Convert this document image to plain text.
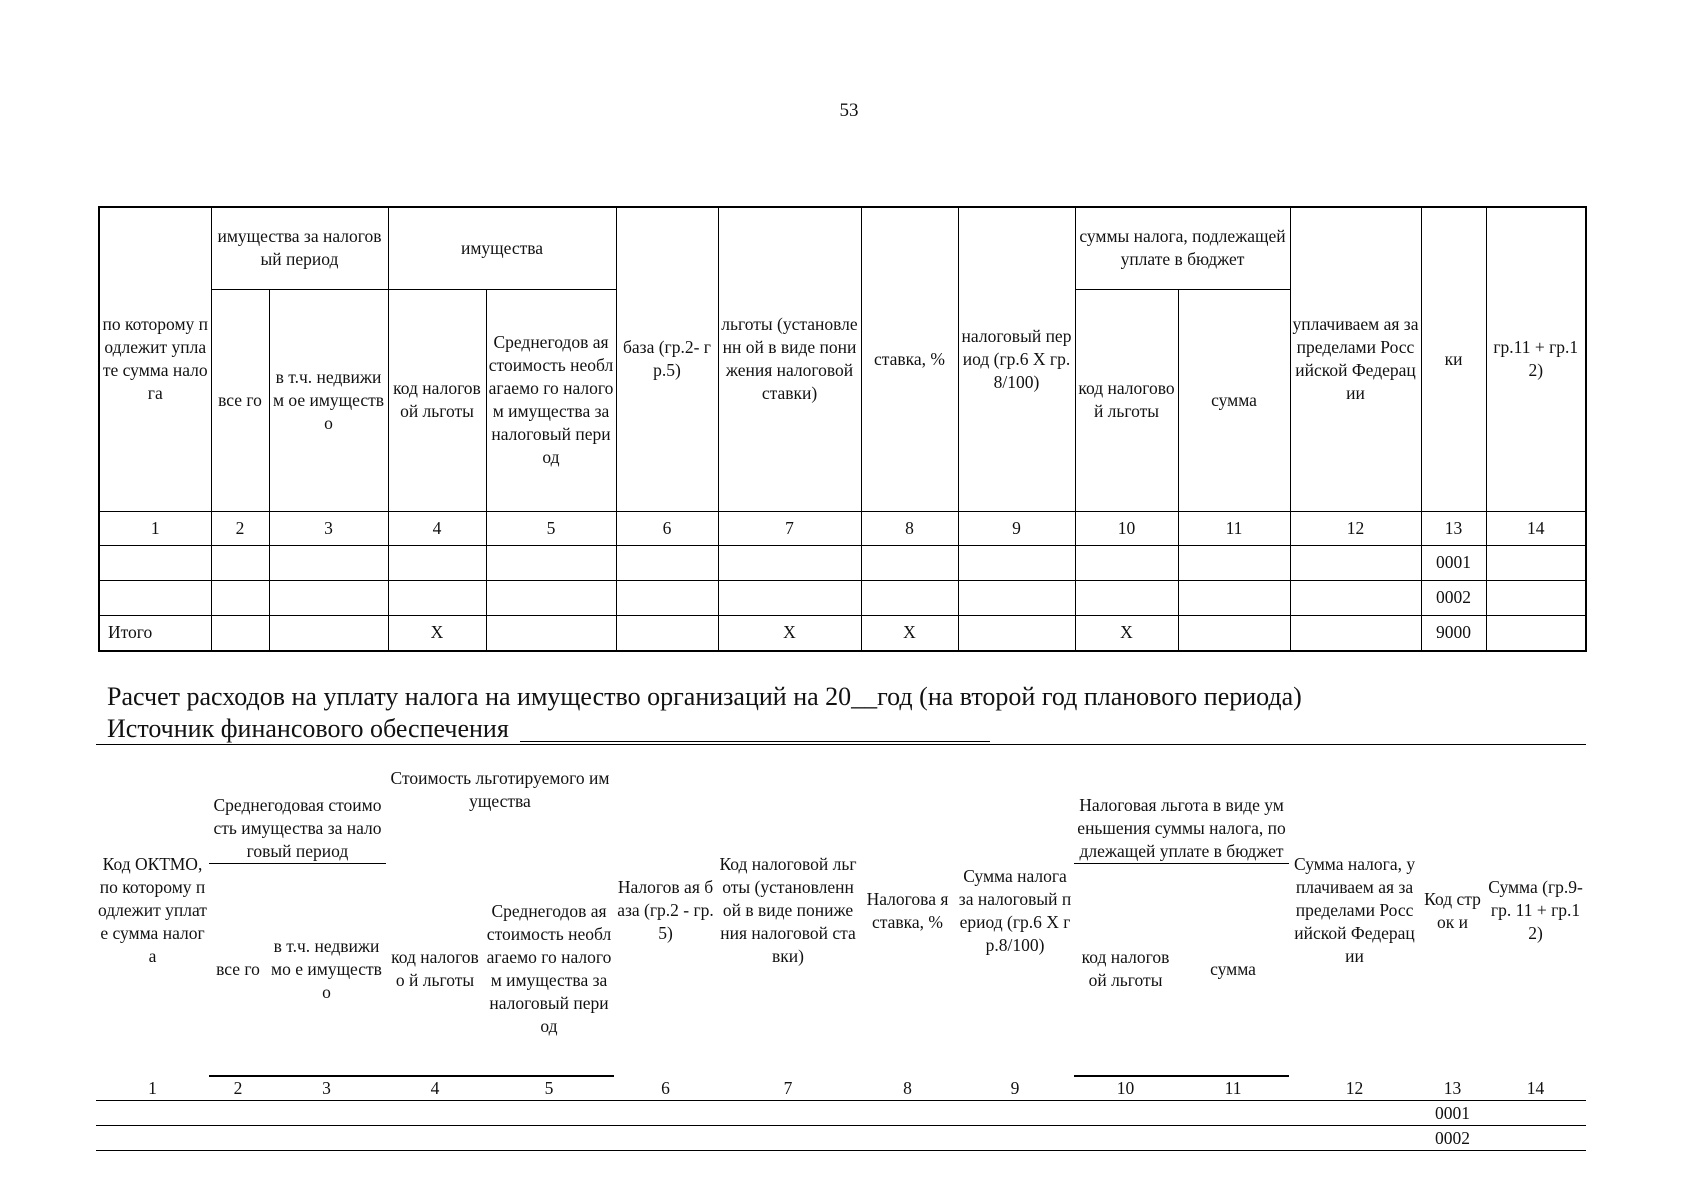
53
по которому подлежит уплате сумма налога	имущества за налоговый период		имущества		база (гр.2- гр.5)	льготы (установленн ой в виде понижения налоговой ставки)	ставка, %	налоговый период (гр.6 X гр.8/100)	суммы налога, подлежащей уплате в бюджет		уплачиваем ая за пределами Российской Федерации	ки	гр.11 + гр.12)
	все го	в т.ч. недвижим ое имуществ о	код налогов ой льготы	Среднегодов ая стоимость необлагаемо го налогом имущества за налоговый период					код налогово й льготы	сумма			
1	2	3	4	5	6	7	8	9	10	11	12	13	14
												0001	
												0002	
Итого			X			X	X		X			9000	
Расчет расходов на уплату налога на имущество организаций на 20__год (на второй год планового периода)
Источник финансового обеспечения
Код ОКТМО, по которому подлежит уплате сумма налога	Среднегодовая стоимость имущества за налоговый период		Стоимость льготируемого имущества		Налогов ая база (гр.2 - гр.5)	Код налоговой льготы (установленн ой в виде понижения налоговой ставки)	Налогова я ставка, %	Сумма налога за налоговый период (гр.6 X гр.8/100)	Налоговая льгота в виде уменьшения суммы налога, подлежащей уплате в бюджет		Сумма налога, уплачиваем ая за пределами Российской Федерации	Код строк и	Сумма (гр.9- гр. 11 + гр.12)
	все го	в т.ч. недвижимо е имущество	код налогово й льготы	Среднегодов ая стоимость необлагаемо го налогом имущества за налоговый период					код налогов ой льготы	сумма			
1	2	3	4	5	6	7	8	9	10	11	12	13	14
												0001	
												0002	
